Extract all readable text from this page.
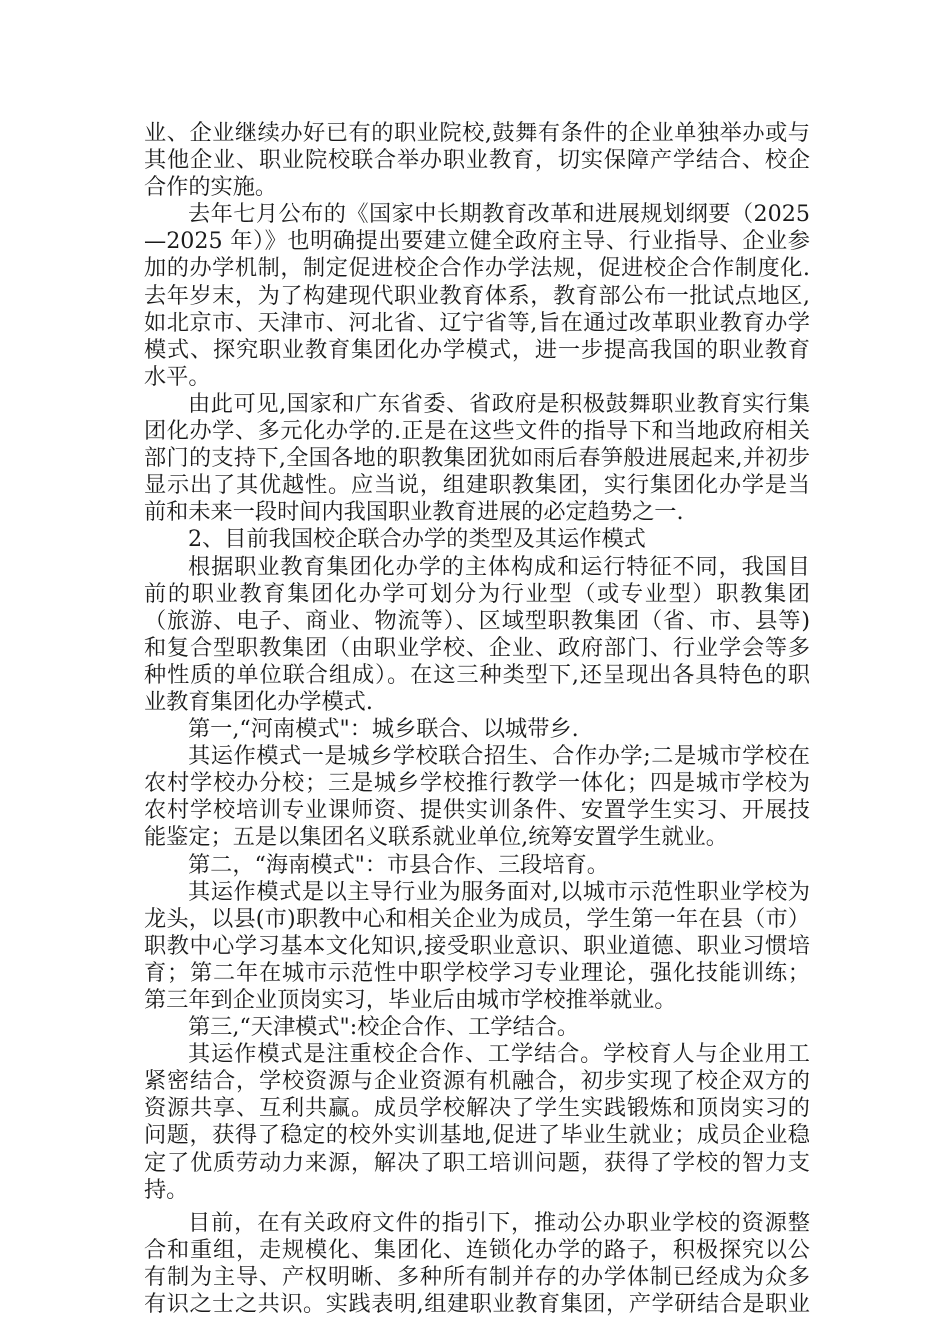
业、企业继续办好已有的职业院校,鼓舞有条件的企业单独举办或与
其他企业、职业院校联合举办职业教育，切实保障产学结合、校企
合作的实施。
去年七月公布的《国家中长期教育改革和进展规划纲要（2025
—2025 年）》也明确提出要建立健全政府主导、行业指导、企业参
加的办学机制，制定促进校企合作办学法规，促进校企合作制度化.
去年岁末，为了构建现代职业教育体系，教育部公布一批试点地区,
如北京市、天津市、河北省、辽宁省等,旨在通过改革职业教育办学
模式、探究职业教育集团化办学模式，进一步提高我国的职业教育
水平。
由此可见,国家和广东省委、省政府是积极鼓舞职业教育实行集
团化办学、多元化办学的.正是在这些文件的指导下和当地政府相关
部门的支持下,全国各地的职教集团犹如雨后春笋般进展起来,并初步
显示出了其优越性。应当说，组建职教集团，实行集团化办学是当
前和未来一段时间内我国职业教育进展的必定趋势之一.
2、目前我国校企联合办学的类型及其运作模式
根据职业教育集团化办学的主体构成和运行特征不同，我国目
前的职业教育集团化办学可划分为行业型（或专业型）职教集团
（旅游、电子、商业、物流等）、区域型职教集团（省、市、县等)
和复合型职教集团（由职业学校、企业、政府部门、行业学会等多
种性质的单位联合组成）。在这三种类型下,还呈现出各具特色的职
业教育集团化办学模式.
第一,“河南模式"：城乡联合、以城带乡.
其运作模式一是城乡学校联合招生、合作办学;二是城市学校在
农村学校办分校；三是城乡学校推行教学一体化；四是城市学校为
农村学校培训专业课师资、提供实训条件、安置学生实习、开展技
能鉴定；五是以集团名义联系就业单位,统筹安置学生就业。
第二，“海南模式"：市县合作、三段培育。
其运作模式是以主导行业为服务面对,以城市示范性职业学校为
龙头，以县(市)职教中心和相关企业为成员，学生第一年在县（市）
职教中心学习基本文化知识,接受职业意识、职业道德、职业习惯培
育；第二年在城市示范性中职学校学习专业理论，强化技能训练；
第三年到企业顶岗实习，毕业后由城市学校推举就业。
第三,“天津模式":校企合作、工学结合。
其运作模式是注重校企合作、工学结合。学校育人与企业用工
紧密结合，学校资源与企业资源有机融合，初步实现了校企双方的
资源共享、互利共赢。成员学校解决了学生实践锻炼和顶岗实习的
问题，获得了稳定的校外实训基地,促进了毕业生就业；成员企业稳
定了优质劳动力来源，解决了职工培训问题，获得了学校的智力支
持。
目前，在有关政府文件的指引下，推动公办职业学校的资源整
合和重组，走规模化、集团化、连锁化办学的路子，积极探究以公
有制为主导、产权明晰、多种所有制并存的办学体制已经成为众多
有识之士之共识。实践表明,组建职业教育集团，产学研结合是职业
